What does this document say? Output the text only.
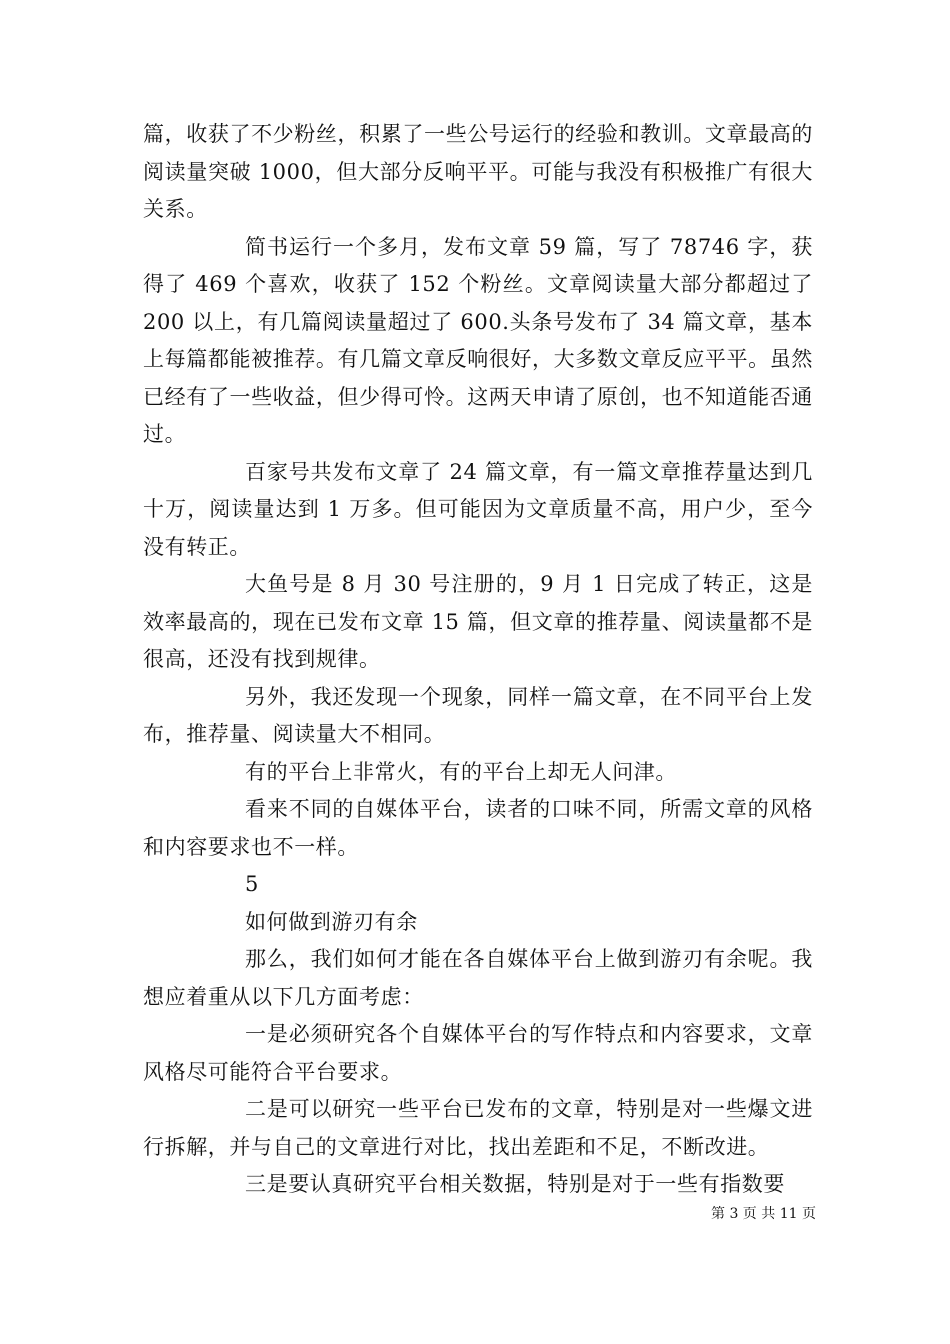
篇，收获了不少粉丝，积累了一些公号运行的经验和教训。文章最高的阅读量突破 1000，但大部分反响平平。可能与我没有积极推广有很大关系。

简书运行一个多月，发布文章 59 篇，写了 78746 字，获得了 469 个喜欢，收获了 152 个粉丝。文章阅读量大部分都超过了 200 以上，有几篇阅读量超过了 600.头条号发布了 34 篇文章，基本上每篇都能被推荐。有几篇文章反响很好，大多数文章反应平平。虽然已经有了一些收益，但少得可怜。这两天申请了原创，也不知道能否通过。

百家号共发布文章了 24 篇文章，有一篇文章推荐量达到几十万，阅读量达到 1 万多。但可能因为文章质量不高，用户少，至今没有转正。

大鱼号是 8 月 30 号注册的，9 月 1 日完成了转正，这是效率最高的，现在已发布文章 15 篇，但文章的推荐量、阅读量都不是很高，还没有找到规律。

另外，我还发现一个现象，同样一篇文章，在不同平台上发布，推荐量、阅读量大不相同。

有的平台上非常火，有的平台上却无人问津。

看来不同的自媒体平台，读者的口味不同，所需文章的风格和内容要求也不一样。

5

如何做到游刃有余

那么，我们如何才能在各自媒体平台上做到游刃有余呢。我想应着重从以下几方面考虑：

一是必须研究各个自媒体平台的写作特点和内容要求，文章风格尽可能符合平台要求。

二是可以研究一些平台已发布的文章，特别是对一些爆文进行拆解，并与自己的文章进行对比，找出差距和不足，不断改进。

三是要认真研究平台相关数据，特别是对于一些有指数要

第 3 页 共 11 页
